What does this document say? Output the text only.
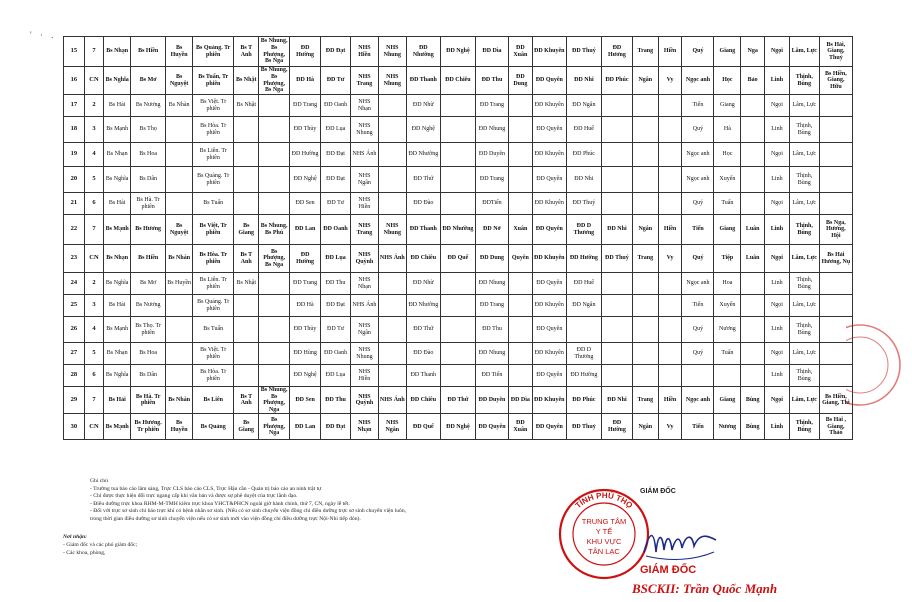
' · .
15	7	Bs Nhạn	Bs Hiền	Bs Huyền	Bs Quảng. Tr phiên	Bs T Anh	Bs Nhung, Bs Phượng, Bs Nga	ĐD Hường	ĐD Đạt	NHS Hiền	NHS Nhung	ĐD Nhường	ĐD Nghệ	ĐD Dìa	ĐD Xuân	ĐD Khuyên	ĐD Thuý	ĐD Hương	Trang	Hiền	Quý	Giang	Nga	Ngọi	Lâm, Lực	Bs Hải, Giang, Thuỷ
16	CN	Bs Nghĩa	Bs Mơ	Bs Nguyệt	Bs Tuấn, Tr phiên	Bs Nhật	Bs Nhung, Bs Phượng, Bs Nga	ĐD Hà	ĐD Tư	NHS Trang	NHS Nhung	ĐD Thanh	ĐD Chiêu	ĐD Thu	ĐD Dung	ĐD Quyên	ĐD Nhi	ĐD Phúc	Ngân	Vy	Ngọc anh	Học	Bảo	Linh	Thịnh, Bùng	Bs Hiền, Giang, Hữu
17	2	Bs Hải	Bs Nương	Bs Nhàn	Bs Việt. Tr phiên	Bs Nhật		ĐD Trang	ĐD Oanh	NHS Nhạn		ĐD Nhừ		ĐD Trang		ĐD Khuyên	ĐD Ngân				Tiến	Giang		Ngọi	Lâm, Lực	
18	3	Bs Mạnh	Bs Thọ		Bs Hòa. Tr phiên			ĐD Thủy	ĐD Lụa	NHS Nhung		ĐD Nghệ		ĐD Nhung		ĐD Quyên	ĐD Huế				Quý	Hà		Linh	Thịnh, Bùng	
19	4	Bs Nhạn	Bs Hoa		Bs Liên. Tr phiên			ĐD Hường	ĐD Đạt	NHS Ánh		ĐD Nhường		ĐD Duyên		ĐD Khuyên	ĐD Phúc				Ngọc anh	Học		Ngọi	Lâm, Lực	
20	5	Bs Nghĩa	Bs Dân		Bs Quảng. Tr phiên			ĐD Nghệ	ĐD Đạt	NHS Ngân		ĐD Thứ		ĐD Trang		ĐD Quyên	ĐD Nhi				Ngọc anh	Xuyến		Linh	Thịnh, Bùng	
21	6	Bs Hải	Bs Hà. Tr phiên		Bs Tuấn			ĐD Sen	ĐD Tư	NHS Hiền		ĐD Đào		ĐDTiến		ĐD Khuyên	ĐD Thuý				Quý	Tuấn		Ngọi	Lâm, Lực	
22	7	Bs Mạnh	Bs Hương	Bs Nguyệt	Bs Việt, Tr phiên	Bs Giang	Bs Nhung, Bs Phú	ĐD Lan	ĐD Oanh	NHS Trang	NHS Nhung	ĐD Thanh	ĐD Nhường	ĐD Nở	Xuân	ĐD Quyên	ĐD D Thương	ĐD Nhi	Ngân	Hiền	Tiến	Giang	Luân	Linh	Thịnh, Bùng	Bs Nga, Hương, Hội
23	CN	Bs Nhạn	Bs Hiền	Bs Nhàn	Bs Hòa. Tr phiên	Bs T Anh	Bs Phượng, Bs Nga	ĐD Hường	ĐD Lụa	NHS Quỳnh	NHS Ánh	ĐD Chiêu	ĐD Quế	ĐD Dung	Quyên	ĐD Khuyên	ĐD Hường	ĐD Thuý	Trang	Vy	Quý	Tiệp	Luân	Ngọi	Lâm, Lực	Bs Hải Hương, Nụ
24	2	Bs Nghĩa	Bs Mơ	Bs Huyền	Bs Liên. Tr phiên	Bs Nhật		ĐD Trang	ĐD Thu	NHS Nhạn		ĐD Nhừ		ĐD Nhung		ĐD Quyên	ĐD Huế				Ngọc anh	Hoa		Linh	Thịnh, Bùng	
25	3	Bs Hải	Bs Nương		Bs Quảng. Tr phiên			ĐD Hà	ĐD Đạt	NHS Ánh		ĐD Nhường		ĐD Trang		ĐD Khuyên	ĐD Ngân				Tiến	Xuyến		Ngọi	Lâm, Lực	
26	4	Bs Mạnh	Bs Thọ. Tr phiên		Bs Tuấn			ĐD Thủy	ĐD Tư	NHS Ngân		ĐD Thứ		ĐD Thu		ĐD Quyên					Quý	Nương		Linh	Thịnh, Bùng	
27	5	Bs Nhạn	Bs Hoa		Bs Việt. Tr phiên			ĐD Hùng	ĐD Oanh	NHS Nhung		ĐD Đào		ĐD Nhung		ĐD Khuyên	ĐD D Thương				Quý	Tuấn		Ngọi	Lâm, Lực	
28	6	Bs Nghĩa	Bs Dân		Bs Hòa. Tr phiên			ĐD Nghệ	ĐD Lụa	NHS Hiền		ĐD Thanh		ĐD Tiến		ĐD Quyên	ĐD Hường							Linh	Thịnh, Bùng	
29	7	Bs Hải	Bs Hà. Tr phiên	Bs Nhàn	Bs Liên	Bs T Anh	Bs Nhung, Bs Phượng, Nga	ĐD Sen	ĐD Thu	NHS Quỳnh	NHS Ánh	ĐD Chiêu	ĐD Thứ	ĐD Duyên	ĐD Dìa	ĐD Khuyên	ĐD Phúc	ĐD Nhi	Trang	Hiền	Ngọc anh	Giang	Bùng	Ngọi	Lâm, Lực	Bs Hiền, Giang, Thi
30	CN	Bs Mạnh	Bs Hương. Tr phiên	Bs Huyền	Bs Quảng	Bs Giang	Bs Phượng, Nga	ĐD Lan	ĐD Đạt	NHS Nhạn	NHS Ngân	ĐD Quế	ĐD Nghệ	ĐD Quyên	ĐD Xuân	ĐD Quyên	ĐD Thuỷ	ĐD Hường	Ngân	Vy	Tiến	Nương	Bùng	Linh	Thịnh, Bùng	Bs Hải , Giang, Thảo
Ghi chú
- Trường tua báo cáo lâm sàng, Trực CLS báo cáo CLS, Trực Hậu cần - Quản trị báo cáo an ninh trật tự
- Chỉ được thực hiện đổi trực ngang cấp khi văn bản và được sự phê duyệt của trực lãnh đạo.
- Điều dưỡng trực khoa RHM-M-TMH kiêm trực khoa YHCT&PHCN ngoài giờ hành chính, thứ 7, CN, ngày lễ tết.
- Đối với trực sơ sinh chỉ báo trực khi có bệnh nhân sơ sinh. (Nếu có sơ sinh chuyển viện đồng chí điều dưỡng trực sơ sinh chuyển viện luôn,
trong thời gian điều dưỡng sơ sinh chuyển viện nếu có sơ sinh mới vào viện đồng chí điều dưỡng trực Nội-Nhi tiếp đón).
Nơi nhận:
- Giám đốc và các phó giám đốc;
- Các khoa, phòng,
GIÁM ĐỐC
TỈNH PHÚ THỌ
TRUNG TÂM
Y TẾ
KHU VỰC
TÂN LẠC
GIÁM ĐỐC
BSCKII: Trần Quốc Mạnh
